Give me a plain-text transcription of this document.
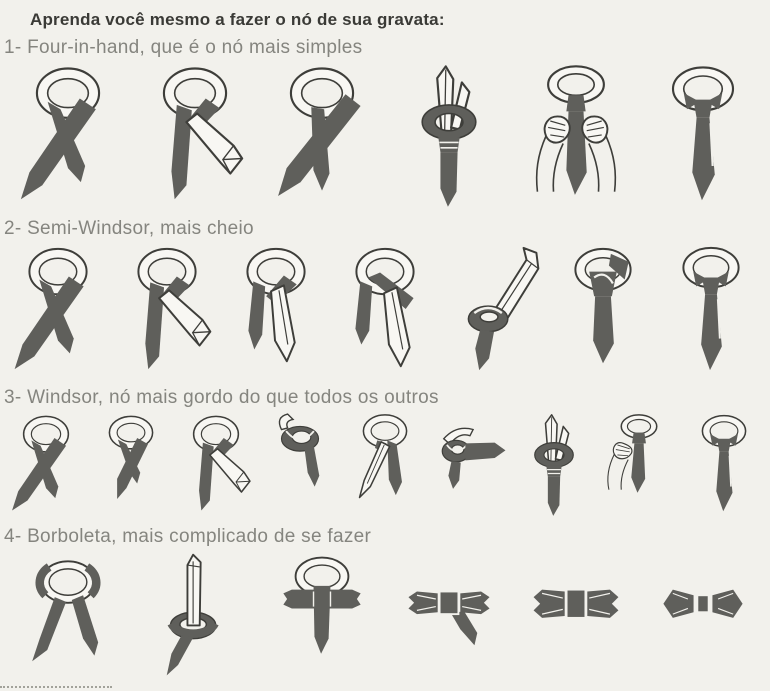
Aprenda você mesmo a fazer o nó de sua gravata:
1- Four-in-hand, que é o nó mais simples
2- Semi-Windsor, mais cheio
3- Windsor, nó mais gordo do que todos os outros
4- Borboleta, mais complicado de se fazer
